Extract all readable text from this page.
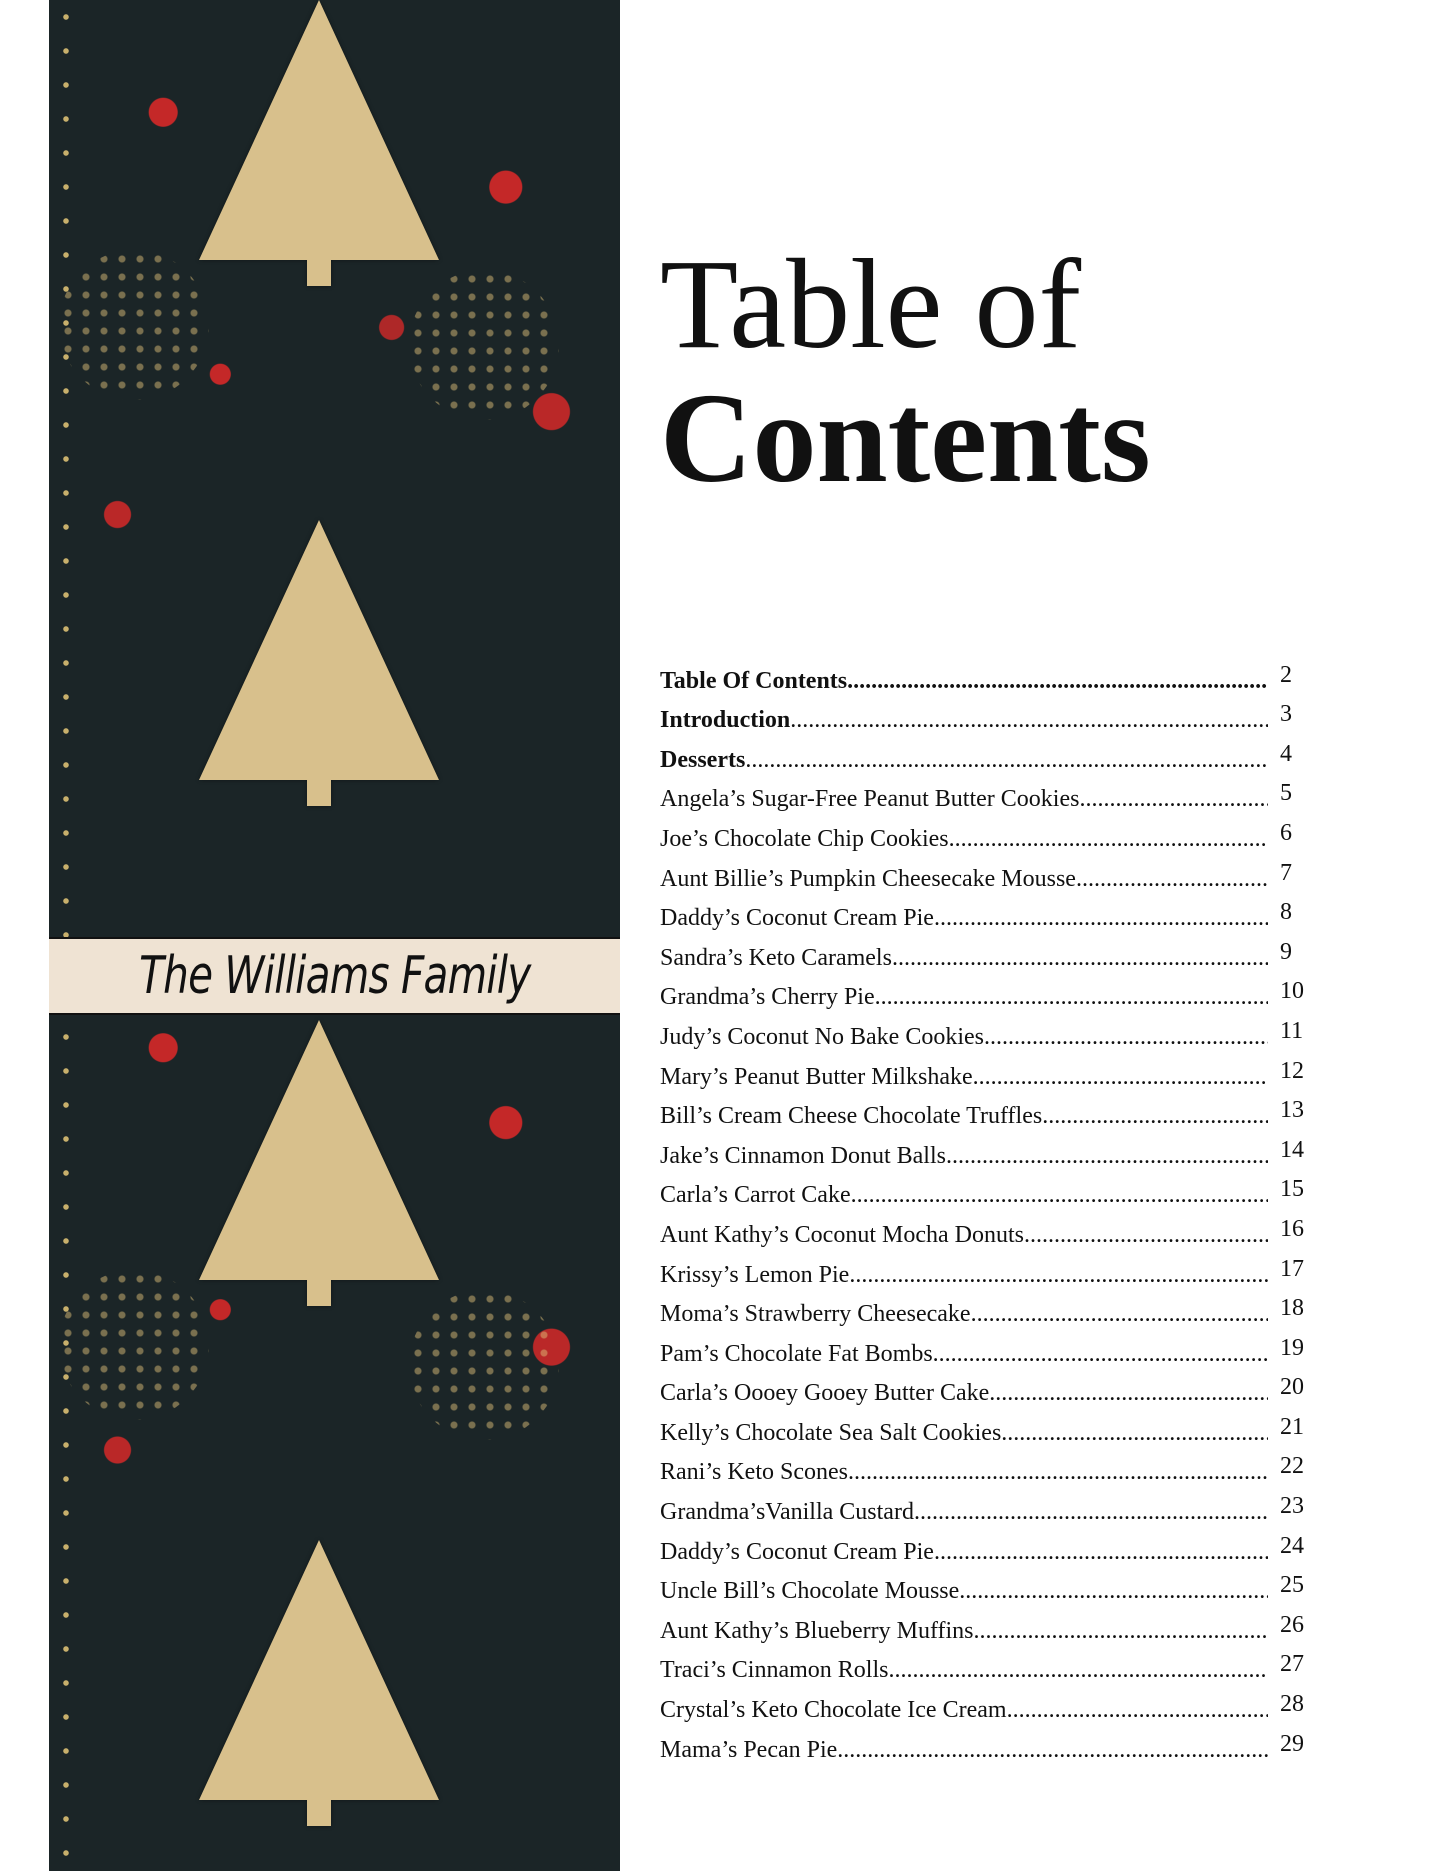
The Williams Family
Table of
Contents
Table Of Contents .....	2
Introduction .....	3
Desserts .....	4
Angela’s Sugar-Free Peanut Butter Cookies .....	5
Joe’s Chocolate Chip Cookies .....	6
Aunt Billie’s Pumpkin Cheesecake Mousse .....	7
Daddy’s Coconut Cream Pie .....	8
Sandra’s Keto Caramels .....	9
Grandma’s Cherry Pie .....	10
Judy’s Coconut No Bake Cookies .....	11
Mary’s Peanut Butter Milkshake .....	12
Bill’s Cream Cheese Chocolate Truffles .....	13
Jake’s Cinnamon Donut Balls .....	14
Carla’s Carrot Cake .....	15
Aunt Kathy’s Coconut Mocha Donuts .....	16
Krissy’s Lemon Pie .....	17
Moma’s Strawberry Cheesecake .....	18
Pam’s Chocolate Fat Bombs .....	19
Carla’s Oooey Gooey Butter Cake .....	20
Kelly’s Chocolate Sea Salt Cookies .....	21
Rani’s Keto Scones .....	22
Grandma’sVanilla Custard .....	23
Daddy’s Coconut Cream Pie .....	24
Uncle Bill’s Chocolate Mousse .....	25
Aunt Kathy’s Blueberry Muffins .....	26
Traci’s Cinnamon Rolls .....	27
Crystal’s Keto Chocolate Ice Cream .....	28
Mama’s Pecan Pie .....	29
